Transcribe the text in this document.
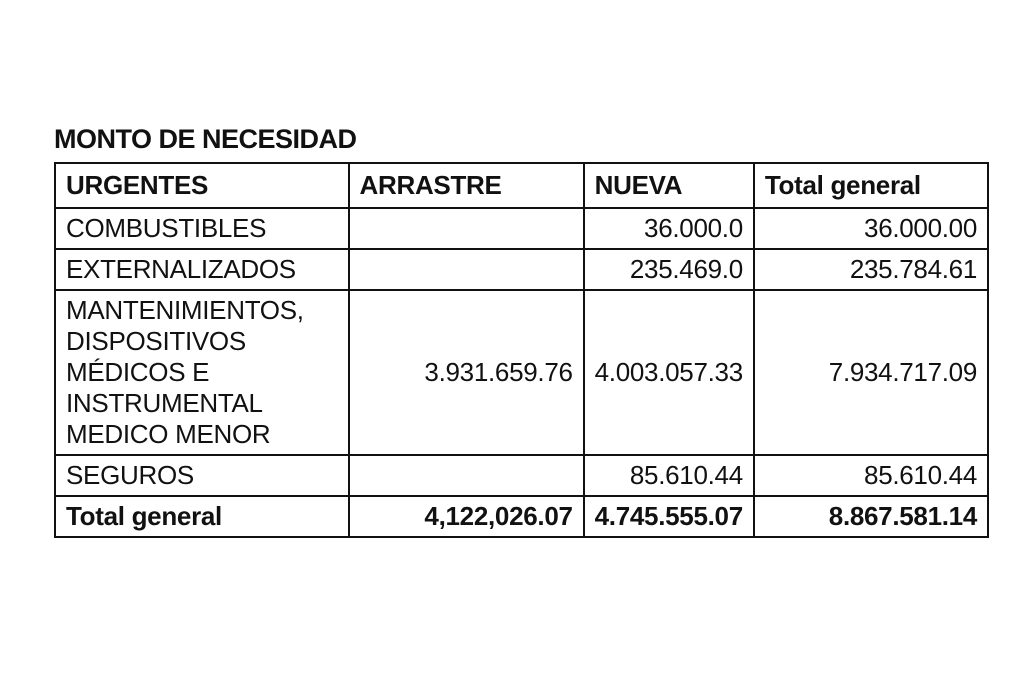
MONTO DE NECESIDAD
URGENTES	ARRASTRE	NUEVA	Total general
COMBUSTIBLES		36.000.0	36.000.00
EXTERNALIZADOS		235.469.0	235.784.61
MANTENIMIENTOS, DISPOSITIVOS MÉDICOS E INSTRUMENTAL MEDICO MENOR	3.931.659.76	4.003.057.33	7.934.717.09
SEGUROS		85.610.44	85.610.44
Total general	4,122,026.07	4.745.555.07	8.867.581.14
